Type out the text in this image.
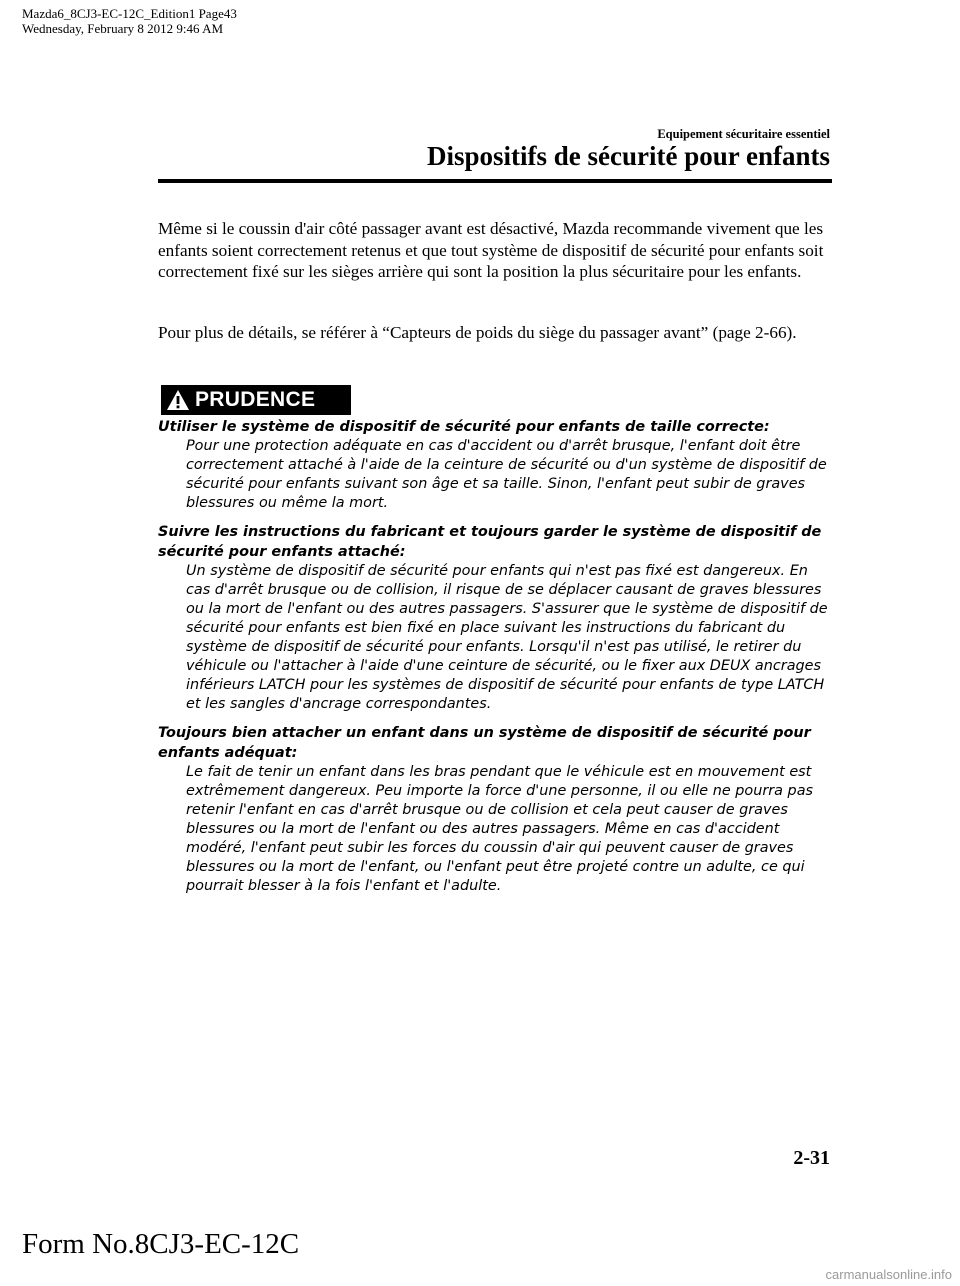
Mazda6_8CJ3-EC-12C_Edition1 Page43
Wednesday, February 8 2012 9:46 AM
Equipement sécuritaire essentiel
Dispositifs de sécurité pour enfants

Même si le coussin d'air côté passager avant est désactivé, Mazda recommande vivement que les enfants soient correctement retenus et que tout système de dispositif de sécurité pour enfants soit correctement fixé sur les sièges arrière qui sont la position la plus sécuritaire pour les enfants.

Pour plus de détails, se référer à “Capteurs de poids du siège du passager avant” (page 2-66).

PRUDENCE

Utiliser le système de dispositif de sécurité pour enfants de taille correcte:

Pour une protection adéquate en cas d'accident ou d'arrêt brusque, l'enfant doit être correctement attaché à l'aide de la ceinture de sécurité ou d'un système de dispositif de sécurité pour enfants suivant son âge et sa taille. Sinon, l'enfant peut subir de graves blessures ou même la mort.

Suivre les instructions du fabricant et toujours garder le système de dispositif de sécurité pour enfants attaché:

Un système de dispositif de sécurité pour enfants qui n'est pas fixé est dangereux. En cas d'arrêt brusque ou de collision, il risque de se déplacer causant de graves blessures ou la mort de l'enfant ou des autres passagers. S'assurer que le système de dispositif de sécurité pour enfants est bien fixé en place suivant les instructions du fabricant du système de dispositif de sécurité pour enfants. Lorsqu'il n'est pas utilisé, le retirer du véhicule ou l'attacher à l'aide d'une ceinture de sécurité, ou le fixer aux DEUX ancrages inférieurs LATCH pour les systèmes de dispositif de sécurité pour enfants de type LATCH et les sangles d'ancrage correspondantes.

Toujours bien attacher un enfant dans un système de dispositif de sécurité pour enfants adéquat:

Le fait de tenir un enfant dans les bras pendant que le véhicule est en mouvement est extrêmement dangereux. Peu importe la force d'une personne, il ou elle ne pourra pas retenir l'enfant en cas d'arrêt brusque ou de collision et cela peut causer de graves blessures ou la mort de l'enfant ou des autres passagers. Même en cas d'accident modéré, l'enfant peut subir les forces du coussin d'air qui peuvent causer de graves blessures ou la mort de l'enfant, ou l'enfant peut être projeté contre un adulte, ce qui pourrait blesser à la fois l'enfant et l'adulte.

2-31
Form No.8CJ3-EC-12C
carmanualsonline.info
